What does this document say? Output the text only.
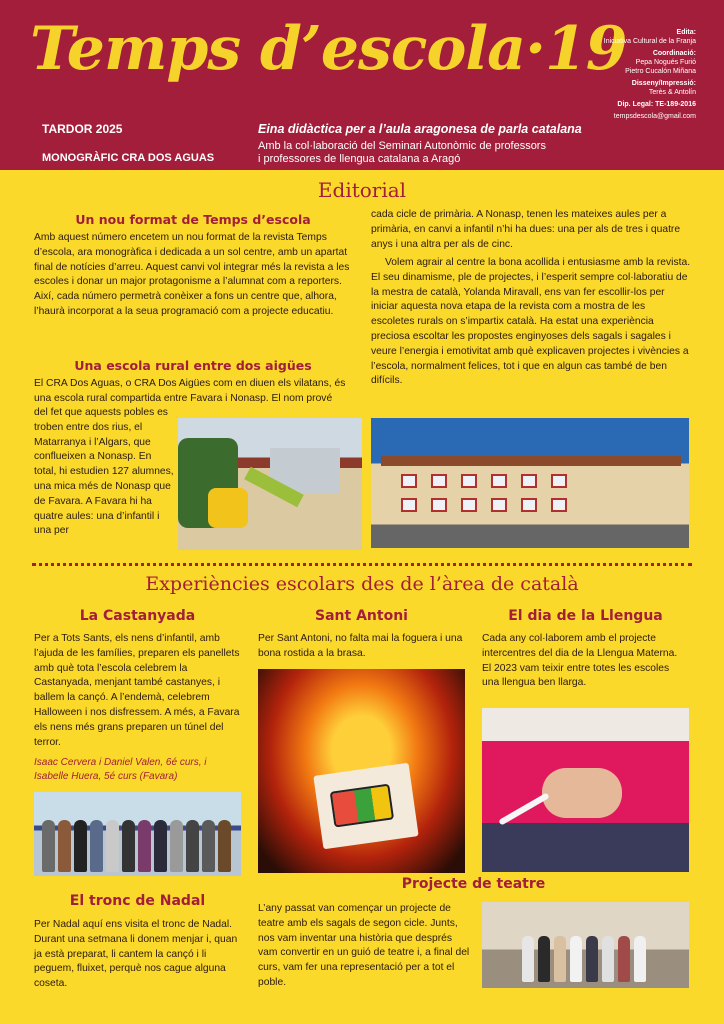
Temps d’escola·19
TARDOR 2025
MONOGRÀFIC CRA DOS AGUAS
Eina didàctica per a l’aula aragonesa de parla catalana
Amb la col·laboració del Seminari Autonòmic de professors
i professores de llengua catalana a Aragó
Edita:
Iniciativa Cultural de la Franja
Coordinació:
Pepa Nogués Furió
Pietro Cucalón Miñana
Disseny/Impressió:
Terès & Antolín
Dip. Legal: TE-189-2016
tempsdescola@gmail.com
Editorial
Un nou format de Temps d’escola
Amb aquest número encetem un nou format de la revista Temps d’escola, ara monogràfica i dedicada a un sol centre, amb un apartat final de notícies d’arreu. Aquest canvi vol integrar més la revista a les escoles i donar un major protagonisme a l’alumnat com a reporters. Així, cada número permetrà conèixer a fons un centre que, alhora, l’haurà incorporat a la seua programació com a projecte educatiu.
Una escola rural entre dos aigües
El CRA Dos Aguas, o CRA Dos Aigües com en diuen els vilatans, és una escola rural compartida entre Favara i Nonasp. El nom prové
del fet que aquests pobles es troben entre dos rius, el Matarranya i l’Algars, que conflueixen a Nonasp. En total, hi estudien 127 alumnes, una mica més de Nonasp que de Favara. A Favara hi ha quatre aules: una d’infantil i una per
cada cicle de primària. A Nonasp, tenen les mateixes aules per a primària, en canvi a infantil n’hi ha dues: una per als de tres i quatre anys i una altra per als de cinc.
Volem agrair al centre la bona acollida i entusiasme amb la revista. El seu dinamisme, ple de projectes, i l’esperit sempre col·laboratiu de la mestra de català, Yolanda Miravall, ens van fer escollir-los per iniciar aquesta nova etapa de la revista com a mostra de les escoletes rurals on s’impartix català. Ha estat una experiència preciosa escoltar les propostes enginyoses dels sagals i sagales i veure l’energia i emotivitat amb què explicaven projectes i vivències a l’escola, normalment felices, tot i que en algun cas també de ben difícils.
Experiències escolars des de l’àrea de català
La Castanyada
Per a Tots Sants, els nens d’infantil, amb l’ajuda de les famílies, preparen els panellets amb què tota l’escola celebrem la Castanyada, menjant també castanyes, i ballem la cançó. A l’endemà, celebrem Halloween i nos disfressem. A més, a Favara els nens més grans preparen un túnel del terror.
Isaac Cervera i Daniel Valen, 6é curs, i Isabelle Huera, 5é curs (Favara)
El tronc de Nadal
Per Nadal aquí ens visita el tronc de Nadal. Durant una setmana li donem menjar i, quan ja està preparat, li cantem la cançó i li peguem, fluixet, perquè nos cague alguna coseta.
Sant Antoni
Per Sant Antoni, no falta mai la foguera i una bona rostida a la brasa.
Projecte de teatre
L’any passat van començar un projecte de teatre amb els sagals de segon cicle. Junts, nos vam inventar una història que després vam convertir en un guió de teatre i, a final del curs, vam fer una representació per a tot el poble.
El dia de la Llengua
Cada any col·laborem amb el projecte intercentres del dia de la Llengua Materna. El 2023 vam teixir entre totes les escoles una llengua ben llarga.
